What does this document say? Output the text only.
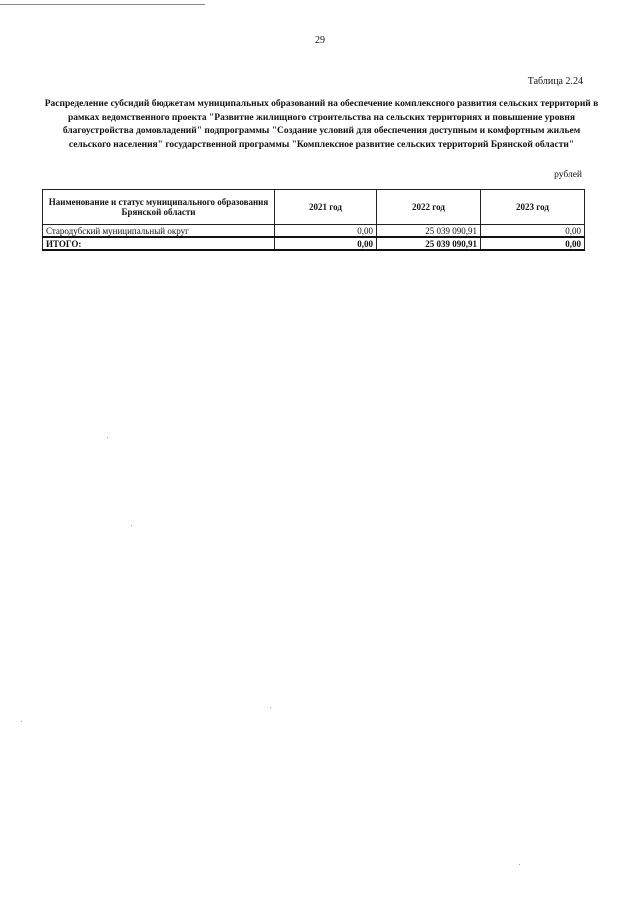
29
Таблица 2.24
Распределение субсидий бюджетам муниципальных образований на обеспечение комплексного развития сельских территорий в рамках ведомственного проекта "Развитие жилищного строительства на сельских территориях и повышение уровня благоустройства домовладений" подпрограммы "Создание условий для обеспечения доступным и комфортным жильем сельского населения" государственной программы "Комплексное развитие сельских территорий Брянской области"
рублей
Наименование и статус муниципального образования Брянской области	2021 год	2022 год	2023 год
Стародубский муниципальный округ	0,00	25 039 090,91	0,00
ИТОГО:	0,00	25 039 090,91	0,00
